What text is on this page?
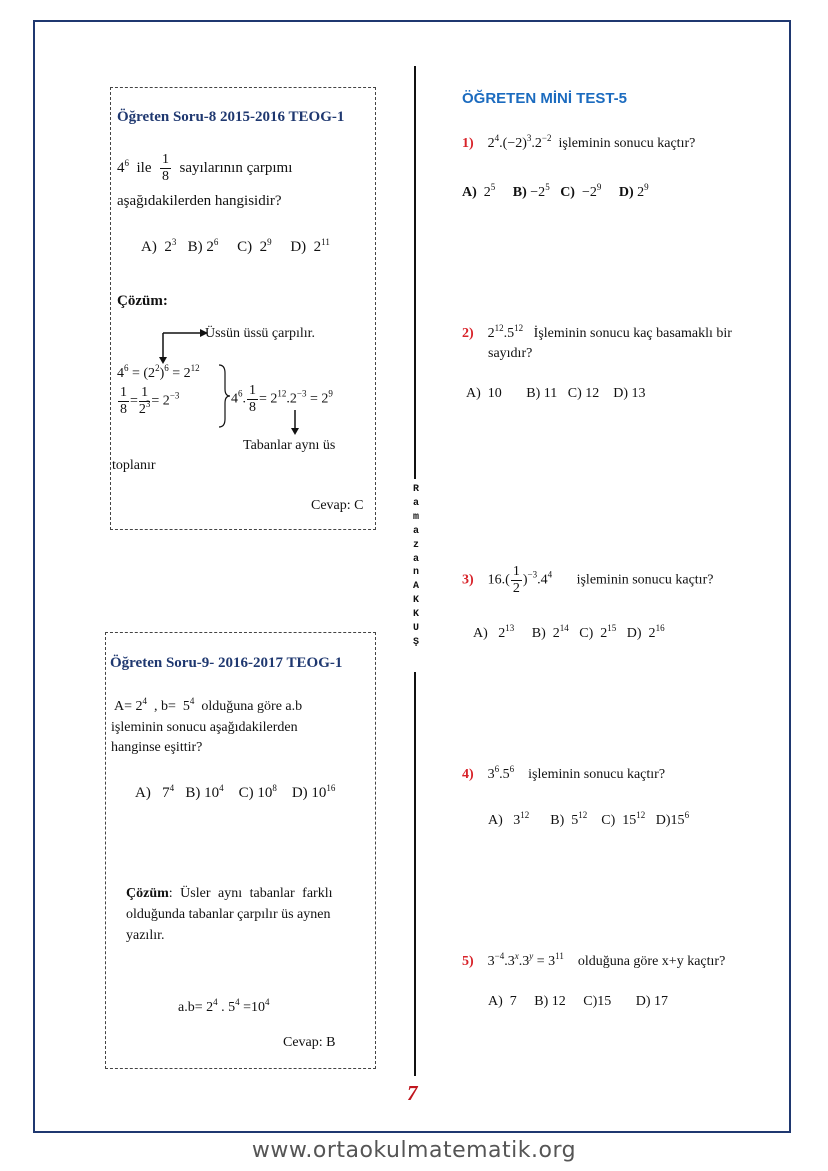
Öğreten Soru-8 2015-2016 TEOG-1
$4^6$ ile $\frac{1}{8}$ sayılarının çarpımı
aşağıdakilerden hangisidir?
A)  $2^3$   B) $2^6$     C)  $2^9$     D)  $2^{11}$
Çözüm:
Üssün üssü çarpılır.
$4^6 = (2^2)^6 = 2^{12}$
$\frac{1}{8} = \frac{1}{2^3} = 2^{-3}$	$4^6$. $\frac{1}{8} = 2^{12}.2^{-3} = 2^9$
Tabanlar aynı üs
toplanır
Cevap: C
Öğreten Soru-9- 2016-2017 TEOG-1
$A= 2^4$  , $b= 5^4$ olduğuna göre a.b
işleminin sonucu aşağıdakilerden
hanginse eşittir?
A)   $7^4$   B) $10^4$    C) $10^8$    D) $10^{16}$
Çözüm: Üsler aynı tabanlar farklı
olduğunda tabanlar çarpılır üs aynen
yazılır.
$a.b= 2^4$ . $5^4 =10^4$
Cevap: B
R
a
m
a
z
a
n
A
K
K
U
Ş
7
ÖĞRETEN MİNİ TEST-5
1)    $2^4.(-2)^3.2^{-2}$ işleminin sonucu kaçtır?
A)  $2^5$ $B) -2^5$ $C) -2^9$ D) $2^9$
2)    $2^{12}.5^{12}$ İşleminin sonucu kaç basamaklı bir
sayıdır?
A)  10       B) 11   C) 12    D) 13
3)    $16.( \frac{1}{2} )^{-3}.4^4$ işleminin sonucu kaçtır?
A)   $2^{13}$     B)  $2^{14}$   C)  $2^{15}$   D)  $2^{16}$
4)    $3^6.5^6$ işleminin sonucu kaçtır?
A)   $3^{12}$      B)  $5^{12}$    C)  $15^{12}$   $D)15^6$
5)    $3^{-4}.3^x.3^y = 3^{11}$ olduğuna göre x+y kaçtır?
A)  7     B) 12     C)15       D) 17
www.ortaokulmatematik.org
